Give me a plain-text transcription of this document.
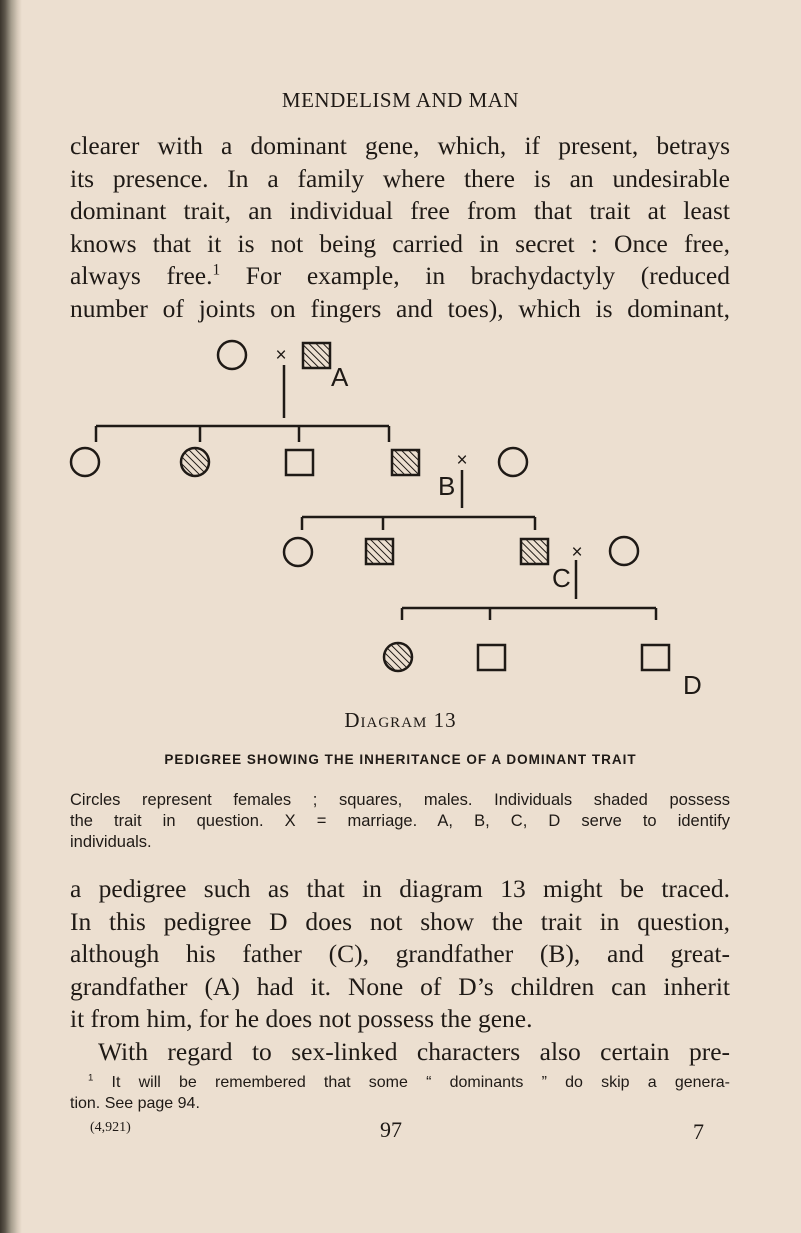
MENDELISM AND MAN
clearer with a dominant gene, which, if present, betrays
its presence. In a family where there is an undesirable
dominant trait, an individual free from that trait at least
knows that it is not being carried in secret : Once free,
always free.$^1$ For example, in brachydactyly (reduced
number of joints on fingers and toes), which is dominant,
×
A
×
B
×
C
D
Diagram 13
PEDIGREE SHOWING THE INHERITANCE OF A DOMINANT TRAIT
Circles represent females ; squares, males. Individuals shaded possess
the trait in question. X = marriage. A, B, C, D serve to identify
individuals.
a pedigree such as that in diagram 13 might be traced.
In this pedigree D does not show the trait in question,
although his father (C), grandfather (B), and great-
grandfather (A) had it. None of D’s children can inherit
it from him, for he does not possess the gene.
With regard to sex-linked characters also certain pre-
$^1$ It will be remembered that some “ dominants ” do skip a genera-
tion. See page 94.
(4,921)	97	7
